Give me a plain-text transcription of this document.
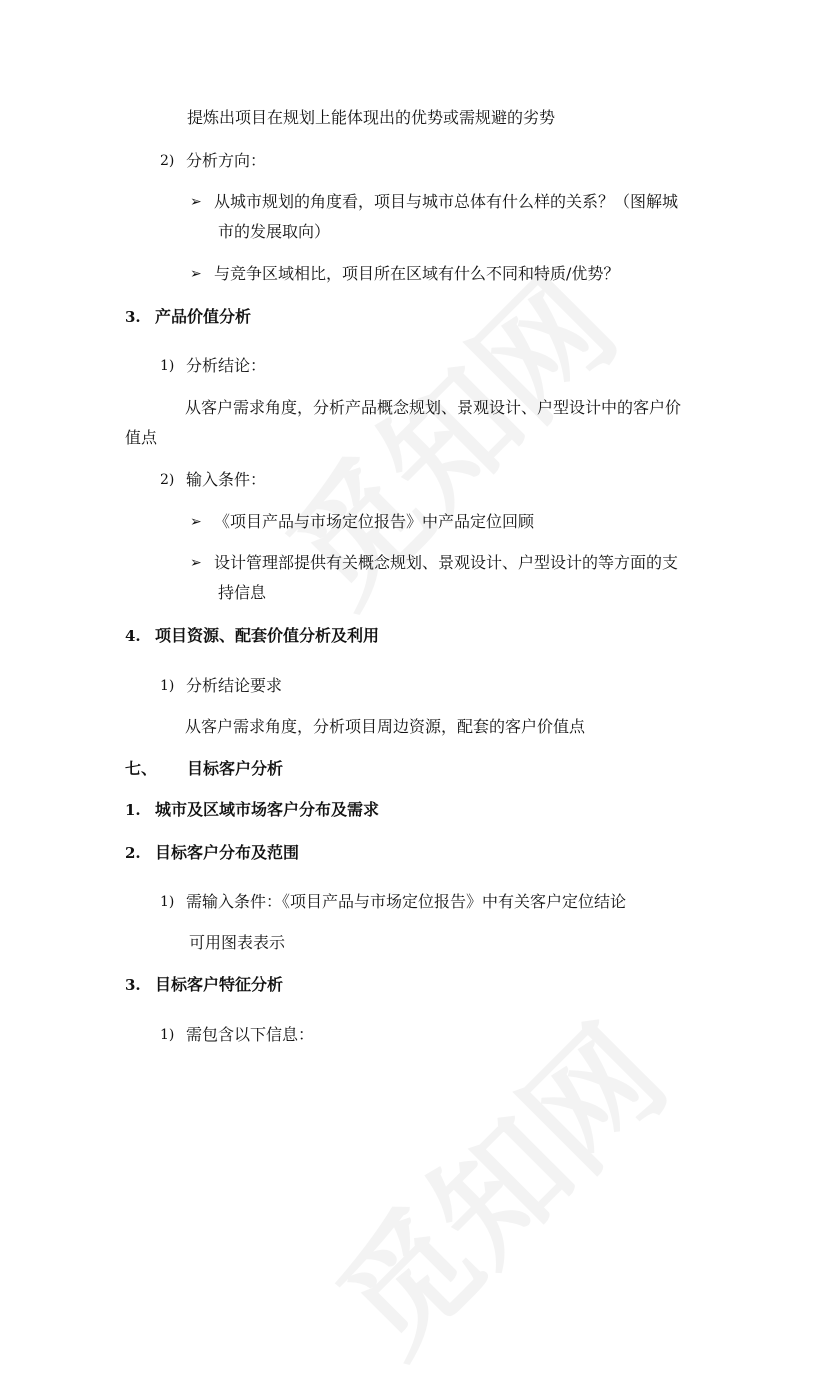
提炼出项目在规划上能体现出的优势或需规避的劣势
2) 分析方向：
➢ 从城市规划的角度看，项目与城市总体有什么样的关系？（图解城
市的发展取向）
➢ 与竞争区域相比，项目所在区域有什么不同和特质/优势？
3. 产品价值分析
1) 分析结论：
从客户需求角度，分析产品概念规划、景观设计、户型设计中的客户价
值点
2) 输入条件：
➢ 《项目产品与市场定位报告》中产品定位回顾
➢ 设计管理部提供有关概念规划、景观设计、户型设计的等方面的支
持信息
4. 项目资源、配套价值分析及利用
1) 分析结论要求
从客户需求角度，分析项目周边资源，配套的客户价值点
七、 目标客户分析
1. 城市及区域市场客户分布及需求
2. 目标客户分布及范围
1) 需输入条件：《项目产品与市场定位报告》中有关客户定位结论
可用图表表示
3. 目标客户特征分析
1) 需包含以下信息：
